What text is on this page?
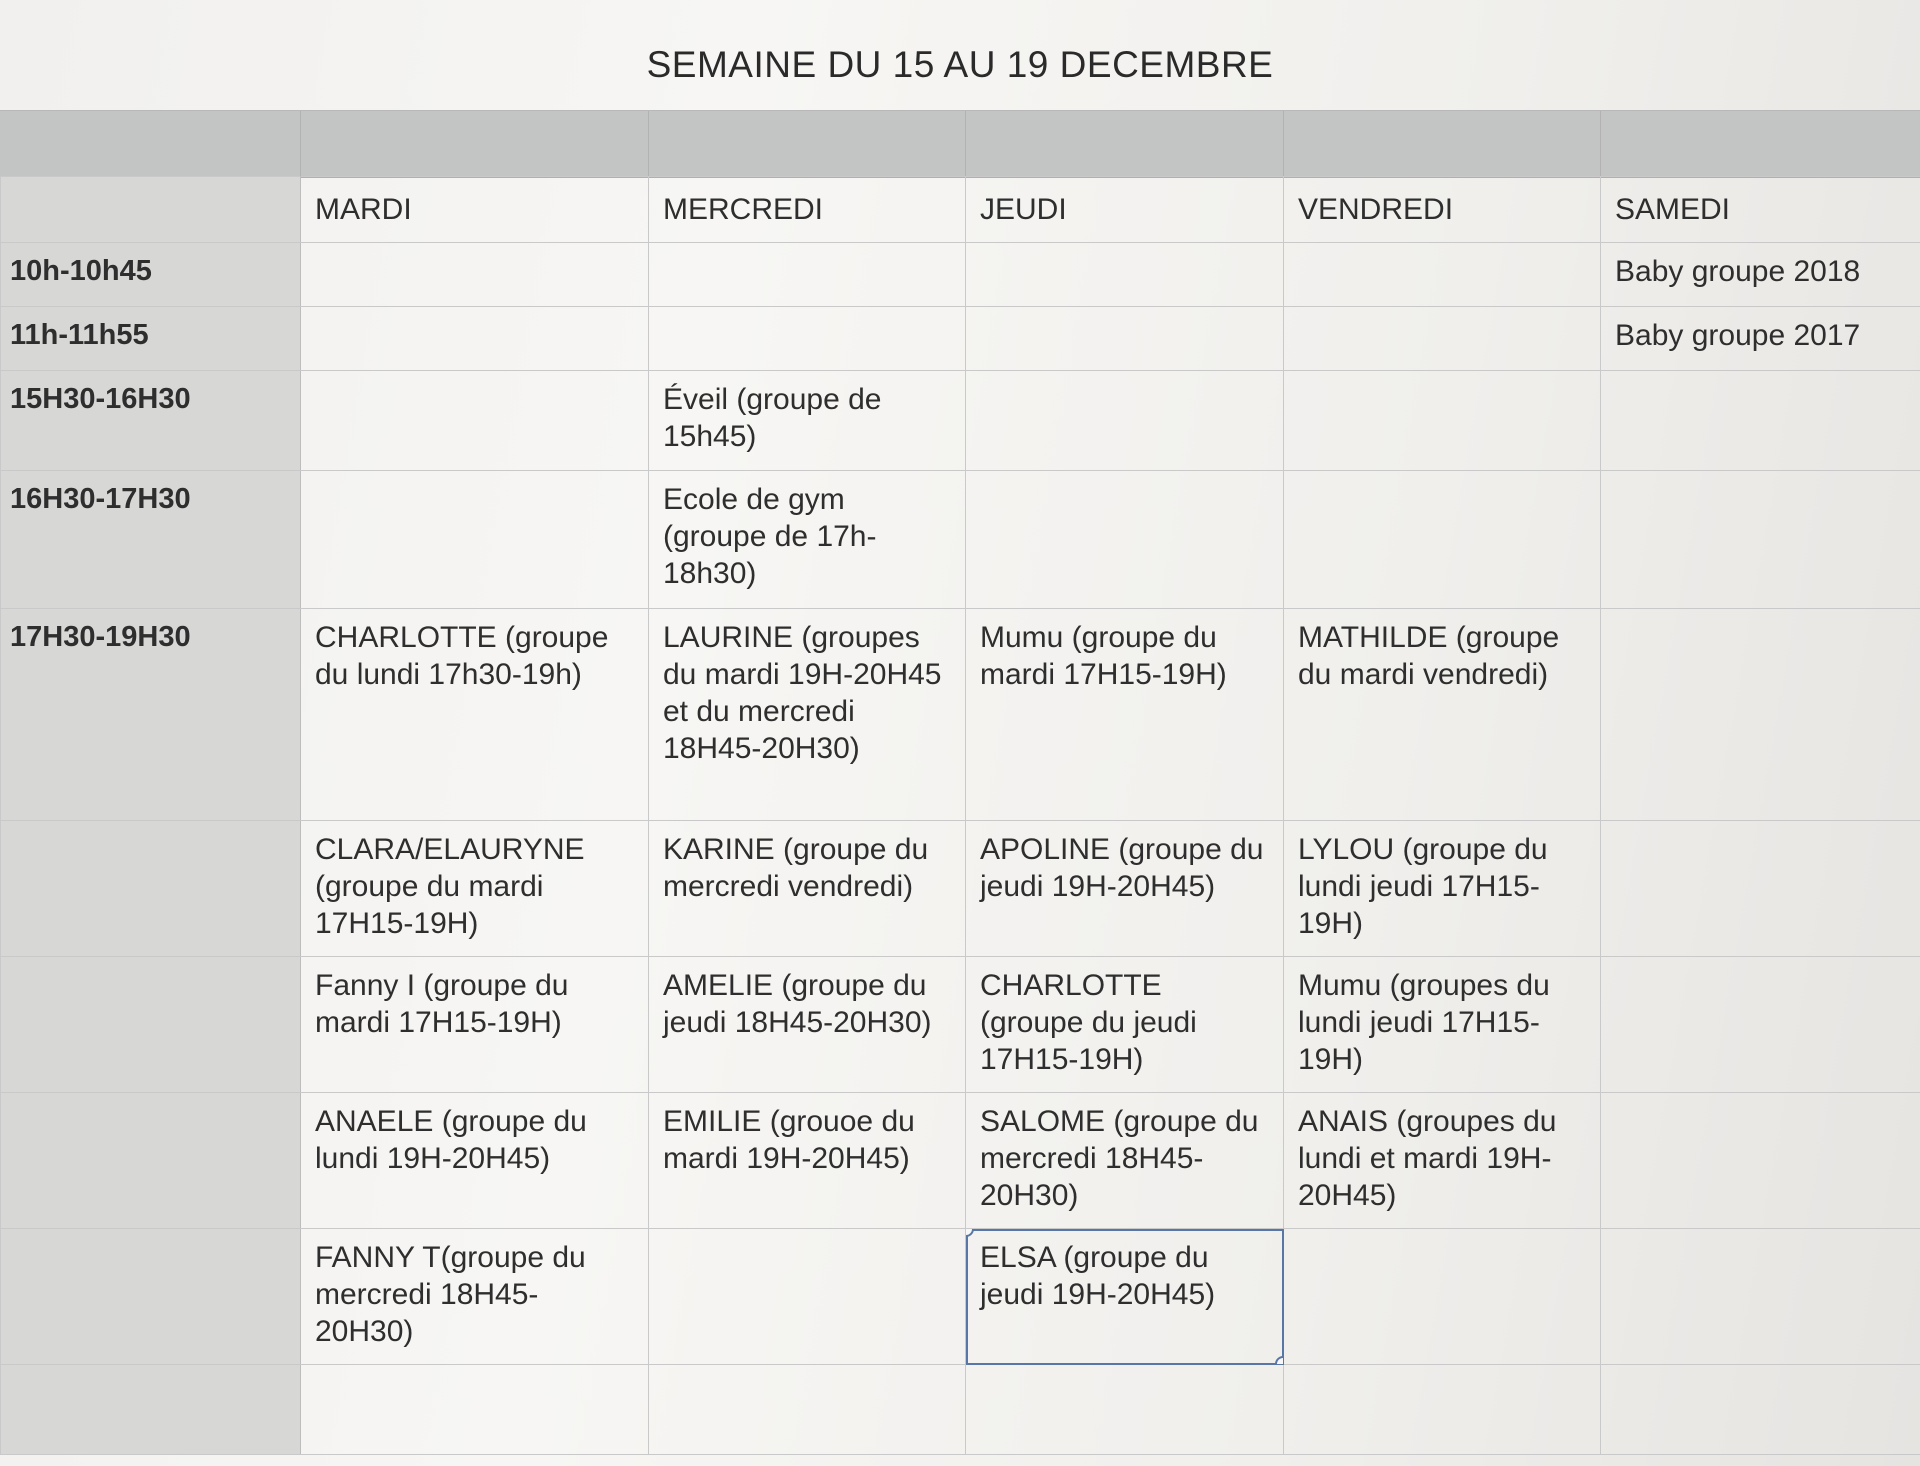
SEMAINE DU 15 AU 19 DECEMBRE
	MARDI	MERCREDI	JEUDI	VENDREDI	SAMEDI
10h-10h45					Baby groupe 2018
11h-11h55					Baby groupe 2017
15H30-16H30		Éveil (groupe de 15h45)			
16H30-17H30		Ecole de gym (groupe de 17h-18h30)			
17H30-19H30	CHARLOTTE (groupe du lundi 17h30-19h)	LAURINE (groupes du mardi 19H-20H45 et du mercredi 18H45-20H30)	Mumu (groupe du mardi 17H15-19H)	MATHILDE (groupe du mardi vendredi)	
	CLARA/ELAURYNE (groupe du mardi 17H15-19H)	KARINE (groupe du mercredi vendredi)	APOLINE (groupe du jeudi 19H-20H45)	LYLOU (groupe du lundi jeudi 17H15-19H)	
	Fanny I (groupe du mardi 17H15-19H)	AMELIE (groupe du jeudi 18H45-20H30)	CHARLOTTE (groupe du jeudi 17H15-19H)	Mumu (groupes du lundi jeudi 17H15-19H)	
	ANAELE (groupe du lundi 19H-20H45)	EMILIE (grouoe du mardi 19H-20H45)	SALOME (groupe du mercredi 18H45-20H30)	ANAIS (groupes du lundi et mardi 19H-20H45)	
	FANNY T(groupe du mercredi 18H45-20H30)		ELSA (groupe du jeudi 19H-20H45)
